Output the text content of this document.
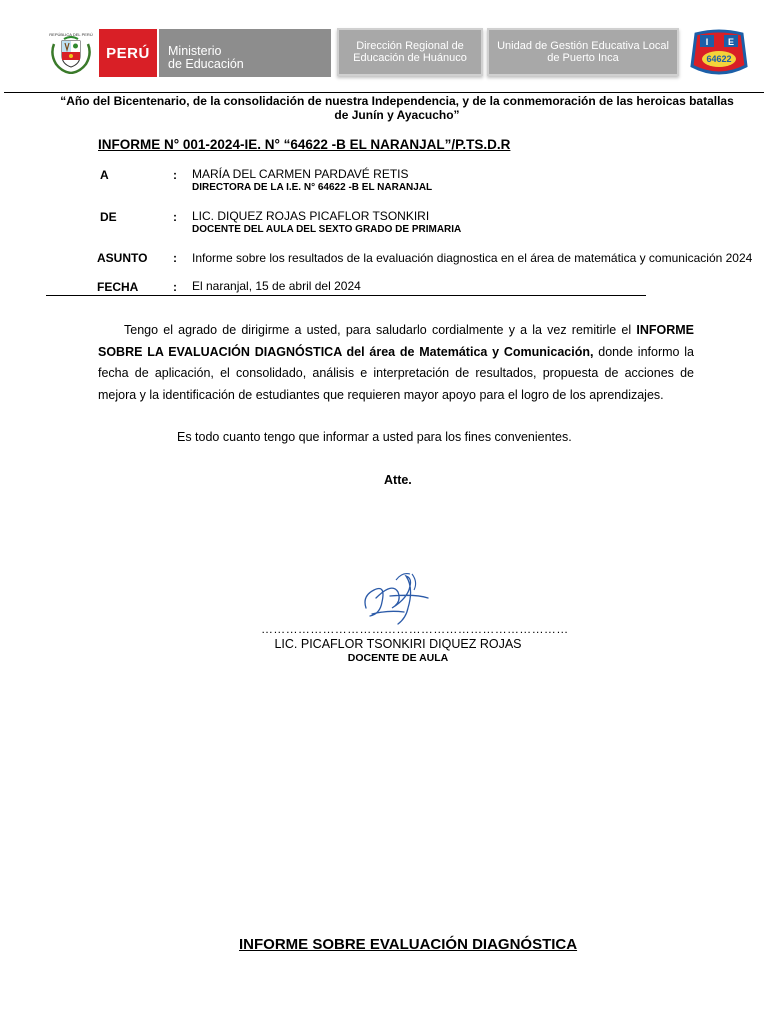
REPÚBLICA DEL PERÚ
PERÚ Ministerio
de Educación
Dirección Regional de Educación de Huánuco
Unidad de Gestión Educativa Local de Puerto Inca
I E
64622
“Año del Bicentenario, de la consolidación de nuestra Independencia, y de la conmemoración de las heroicas batallas de Junín y Ayacucho”
INFORME N° 001-2024-IE. N° “64622 -B EL NARANJAL”/P.TS.D.R
A	: MARÍA DEL CARMEN PARDAVÉ RETIS
DIRECTORA DE LA I.E. N° 64622 -B EL NARANJAL
DE	: LIC. DIQUEZ ROJAS PICAFLOR TSONKIRI
DOCENTE DEL AULA DEL SEXTO GRADO DE PRIMARIA
ASUNTO : Informe sobre los resultados de la evaluación diagnostica en el área de matemática y comunicación 2024
FECHA	: El naranjal, 15 de abril del 2024
Tengo el agrado de dirigirme a usted, para saludarlo cordialmente y a la vez remitirle el INFORME SOBRE LA EVALUACIÓN DIAGNÓSTICA del área de Matemática y Comunicación, donde informo la fecha de aplicación, el consolidado, análisis e interpretación de resultados, propuesta de acciones de mejora y la identificación de estudiantes que requieren mayor apoyo para el logro de los aprendizajes.
Es todo cuanto tengo que informar a usted para los fines convenientes.
Atte.
…………………………………………………………………
LIC. PICAFLOR TSONKIRI DIQUEZ ROJAS
DOCENTE DE AULA
INFORME SOBRE EVALUACIÓN DIAGNÓSTICA
